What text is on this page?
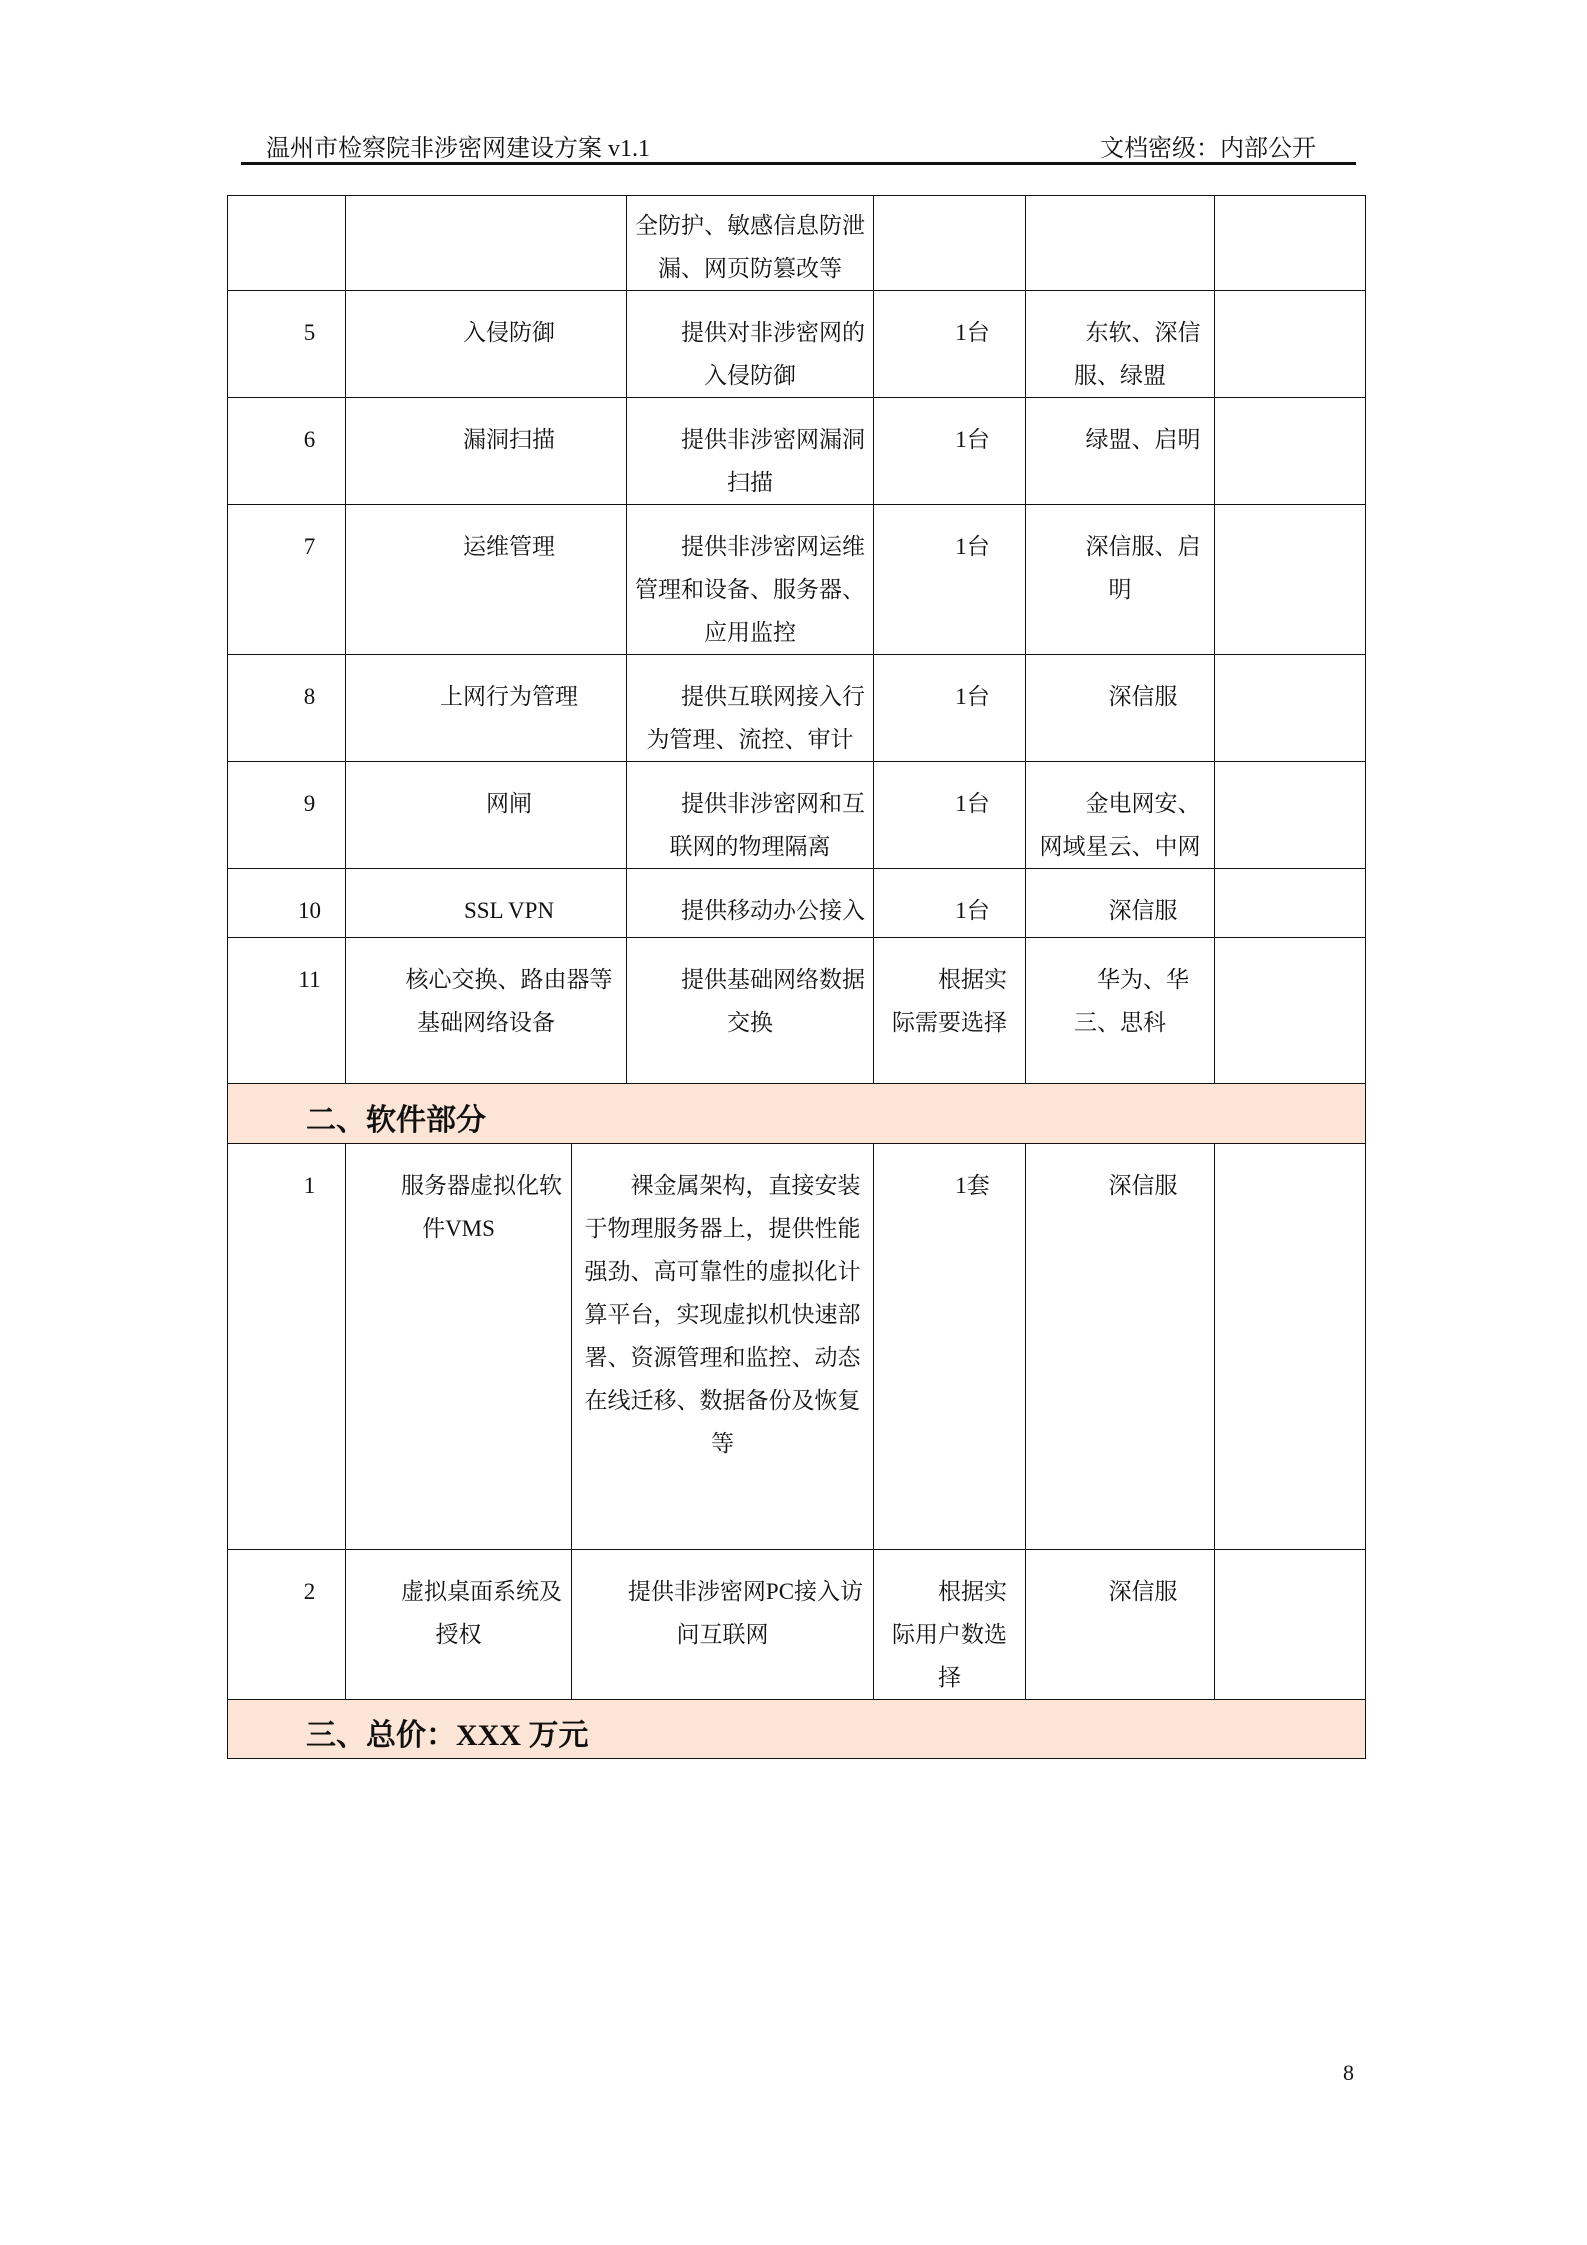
温州市检察院非涉密网建设方案 v1.1	文档密级：内部公开
			全防护、敏感信息防泄漏、网页防篡改等			
5	入侵防御		提供对非涉密网的入侵防御	1台	东软、深信服、绿盟	
6	漏洞扫描		提供非涉密网漏洞扫描	1台	绿盟、启明	
7	运维管理		提供非涉密网运维管理和设备、服务器、应用监控	1台	深信服、启明	
8	上网行为管理		提供互联网接入行为管理、流控、审计	1台	深信服	
9	网闸		提供非涉密网和互联网的物理隔离	1台	金电网安、网域星云、中网	
10	SSL VPN		提供移动办公接入	1台	深信服	
11	核心交换、路由器等基础网络设备		提供基础网络数据交换	根据实际需要选择	华为、华三、思科	
二、软件部分						
1	服务器虚拟化软件VMS	裸金属架构，直接安装于物理服务器上，提供性能强劲、高可靠性的虚拟化计算平台，实现虚拟机快速部署、资源管理和监控、动态在线迁移、数据备份及恢复等		1套	深信服	
2	虚拟桌面系统及授权	提供非涉密网PC接入访问互联网		根据实际用户数选择	深信服	
三、总价：XXX 万元						
8
